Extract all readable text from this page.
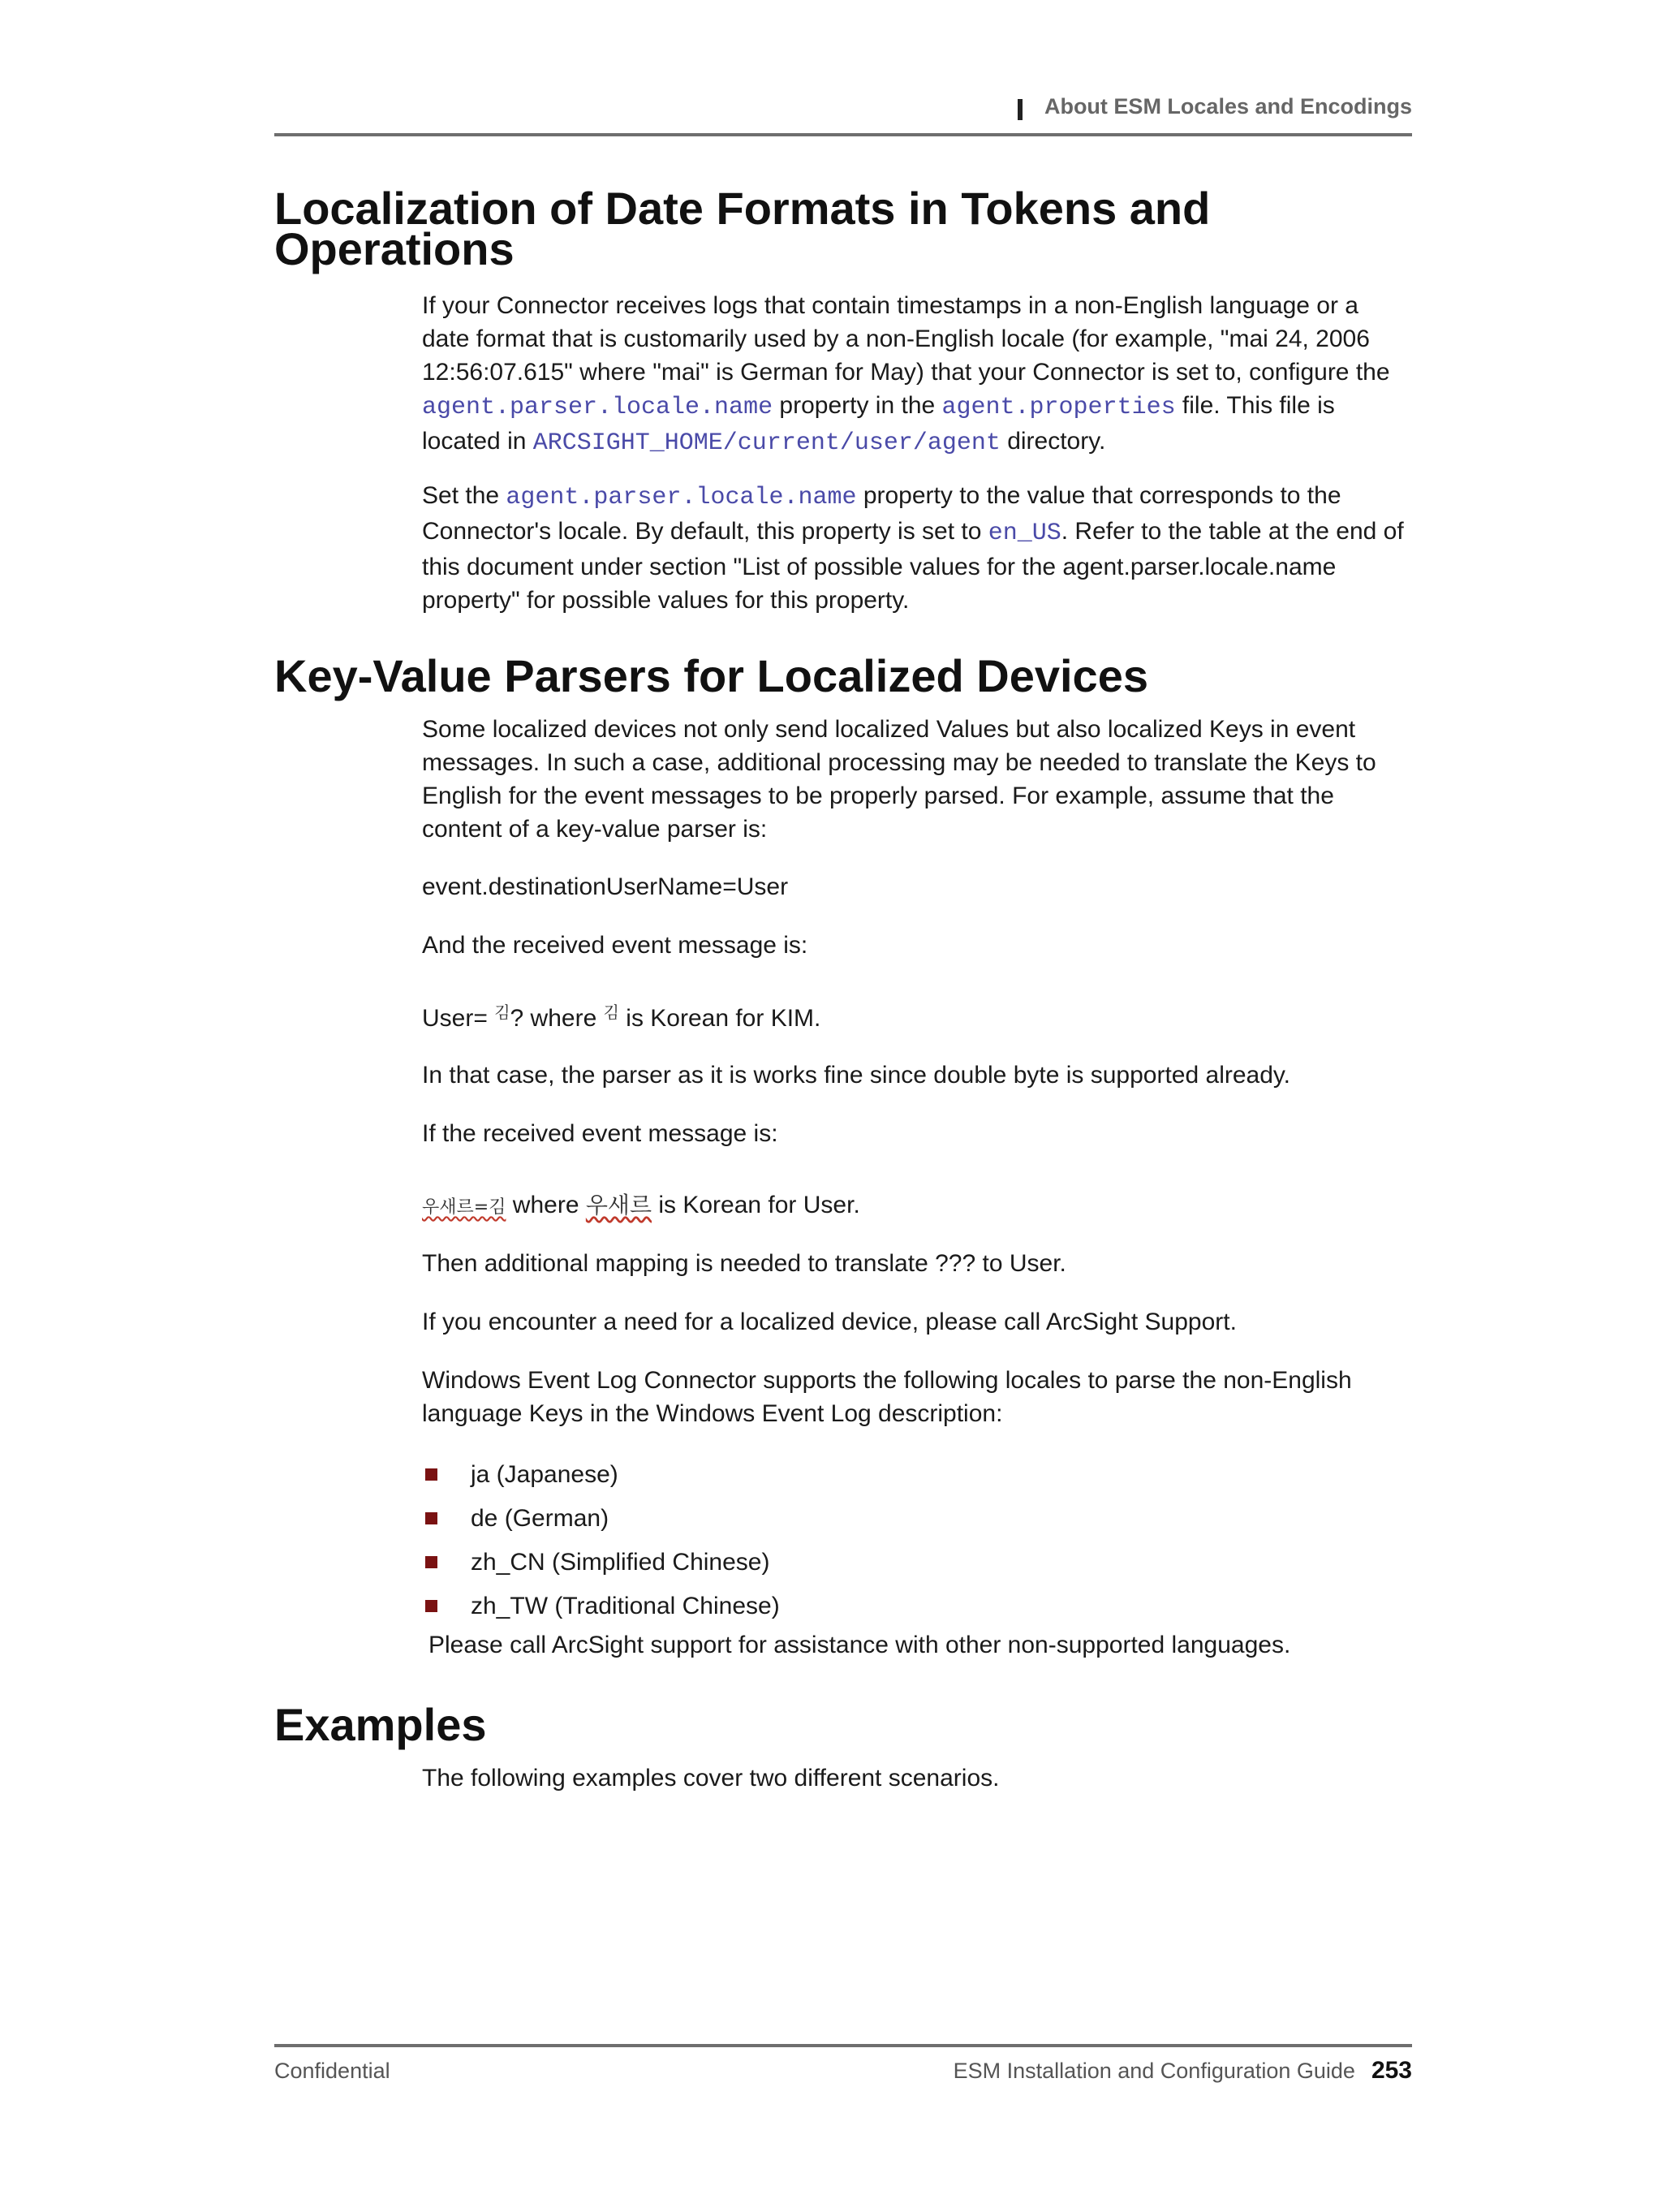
About ESM Locales and Encodings
Localization of Date Formats in Tokens and Operations

If your Connector receives logs that contain timestamps in a non-English language or a date format that is customarily used by a non-English locale (for example, "mai 24, 2006 12:56:07.615" where "mai" is German for May) that your Connector is set to, configure the agent.parser.locale.name property in the agent.properties file. This file is located in ARCSIGHT_HOME/current/user/agent directory.

Set the agent.parser.locale.name property to the value that corresponds to the Connector's locale. By default, this property is set to en_US. Refer to the table at the end of this document under section "List of possible values for the agent.parser.locale.name property" for possible values for this property.

Key-Value Parsers for Localized Devices
Some localized devices not only send localized Values but also localized Keys in event messages. In such a case, additional processing may be needed to translate the Keys to English for the event messages to be properly parsed. For example, assume that the content of a key-value parser is:
event.destinationUserName=User
And the received event message is:
User= $^김$? where $^김$ is Korean for KIM.
In that case, the parser as it is works fine since double byte is supported already.
If the received event message is:
우새르=김 where 우새르 is Korean for User.
Then additional mapping is needed to translate ??? to User.
If you encounter a need for a localized device, please call ArcSight Support.
Windows Event Log Connector supports the following locales to parse the non-English language Keys in the Windows Event Log description:
ja (Japanese)
de (German)
zh_CN (Simplified Chinese)
zh_TW (Traditional Chinese)
Please call ArcSight support for assistance with other non-supported languages.
Examples
The following examples cover two different scenarios.
Confidential	ESM Installation and Configuration Guide 253
